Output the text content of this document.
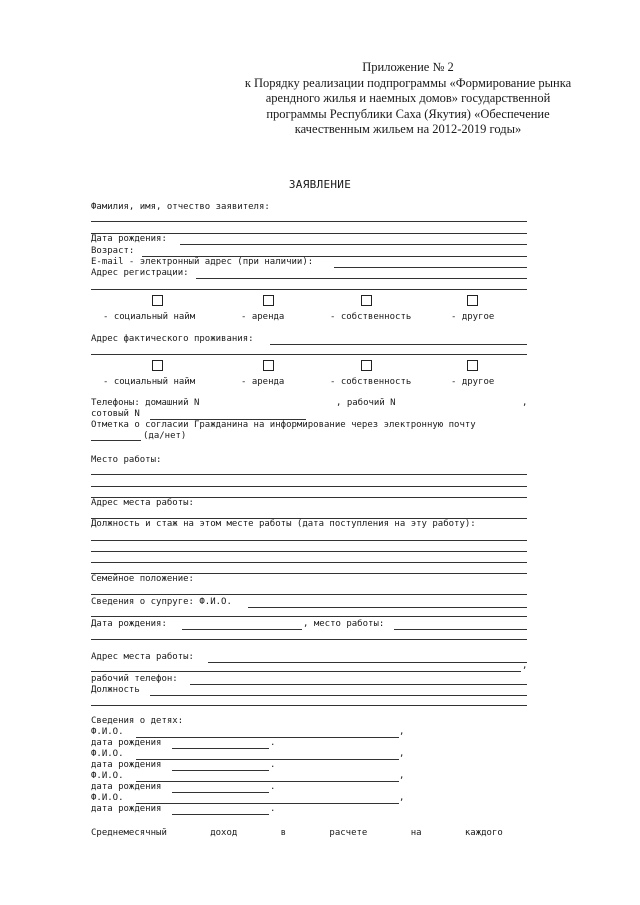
Приложение № 2
к Порядку реализации подпрограммы «Формирование рынка
арендного жилья и наемных домов» государственной
программы Республики Саха (Якутия) «Обеспечение
качественным жильем на 2012-2019 годы»
ЗАЯВЛЕНИЕ
Фамилия, имя, отчество заявителя:
Дата рождения:
Возраст:
E-mail - электронный адрес (при наличии):
Адрес регистрации:
- социальный найм	- аренда	- собственность	- другое
Адрес фактического проживания:
- социальный найм	- аренда	- собственность	- другое
Телефоны: домашний N	, рабочий N	,
сотовый N
Отметка о согласии Гражданина на информирование через электронную почту
(да/нет)
Место работы:
Адрес места работы:
Должность и стаж на этом месте работы (дата поступления на эту работу):
Семейное положение:
Сведения о супруге: Ф.И.О.
Дата рождения:	, место работы:
Адрес места работы:
,
рабочий телефон:
Должность
Сведения о детях:
Ф.И.О.	,
дата рождения	.
Ф.И.О.	,
дата рождения	.
Ф.И.О.	,
дата рождения	.
Ф.И.О.	,
дата рождения	.
Среднемесячный        доход        в        расчете        на        каждого
